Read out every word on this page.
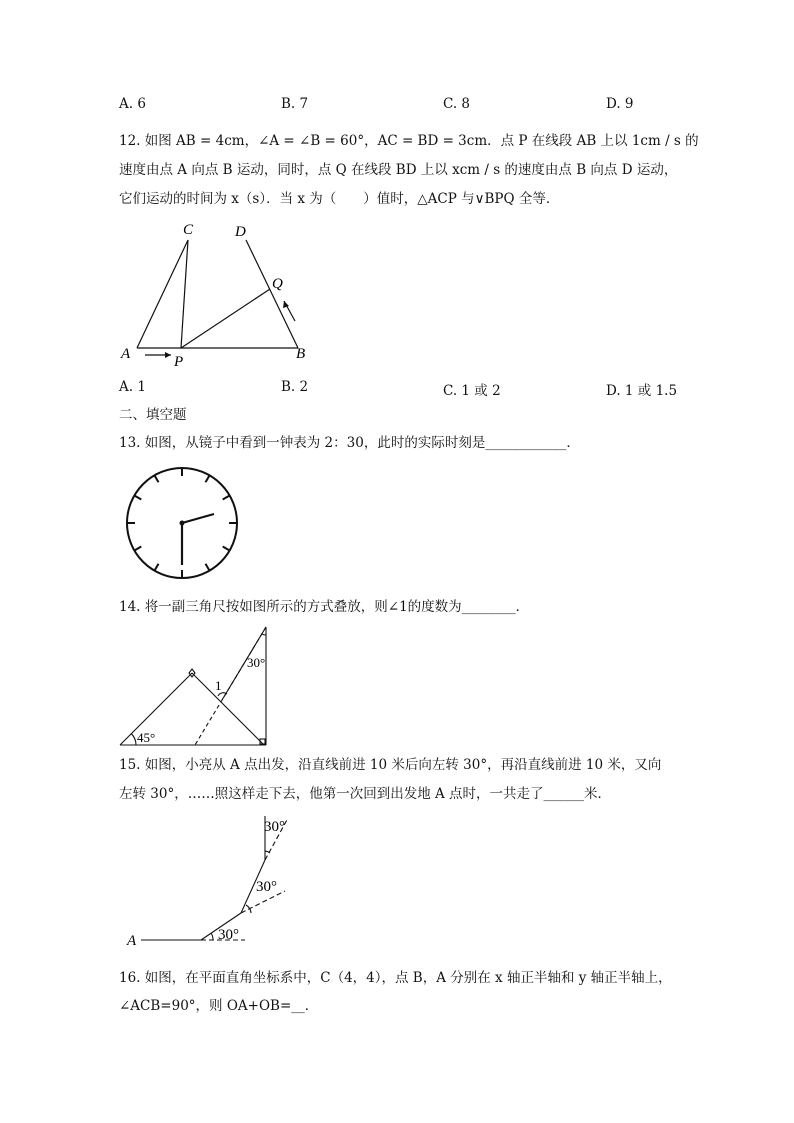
A. 6	B. 7	C. 8	D. 9
12. 如图 AB = 4cm，∠A = ∠B = 60°，AC = BD = 3cm．点 P 在线段 AB 上以 1cm / s 的
速度由点 A 向点 B 运动，同时，点 Q 在线段 BD 上以 xcm / s 的速度由点 B 向点 D 运动，
它们运动的时间为 x（s）．当 x 为（　　）值时，△ACP 与∨BPQ 全等．
C	D
Q
A	P	B
A. 1	B. 2	C. 1 或 2	D. 1 或 1.5
二、填空题
13. 如图，从镜子中看到一钟表为 2：30，此时的实际时刻是____________．
14. 将一副三角尺按如图所示的方式叠放，则∠1的度数为________．
30°
1
45°
15. 如图，小亮从 A 点出发，沿直线前进 10 米后向左转 30°，再沿直线前进 10 米，又向
左转 30°，……照这样走下去，他第一次回到出发地 A 点时，一共走了______米．
A	30°
30°
30°
16. 如图，在平面直角坐标系中，C（4，4），点 B，A 分别在 x 轴正半轴和 y 轴正半轴上，
∠ACB=90°，则 OA+OB=__．
